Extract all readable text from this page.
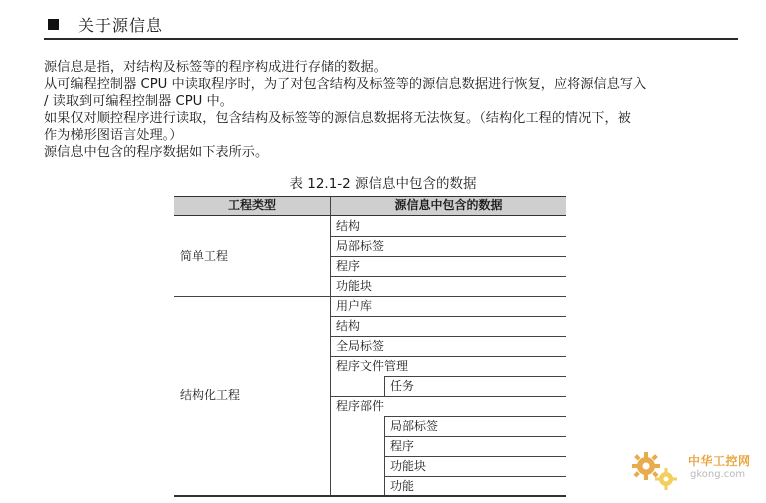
关于源信息
源信息是指，对结构及标签等的程序构成进行存储的数据。
从可编程控制器 CPU 中读取程序时，为了对包含结构及标签等的源信息数据进行恢复，应将源信息写入
/ 读取到可编程控制器 CPU 中。
如果仅对顺控程序进行读取，包含结构及标签等的源信息数据将无法恢复。（结构化工程的情况下，被
作为梯形图语言处理。）
源信息中包含的程序数据如下表所示。
表 12.1-2 源信息中包含的数据
工程类型	源信息中包含的数据
简单工程
结构
局部标签
程序
功能块
结构化工程
用户库
结构
全局标签
程序文件管理
任务
程序部件
局部标签
程序
功能块
功能
中华工控网
gkong.com
